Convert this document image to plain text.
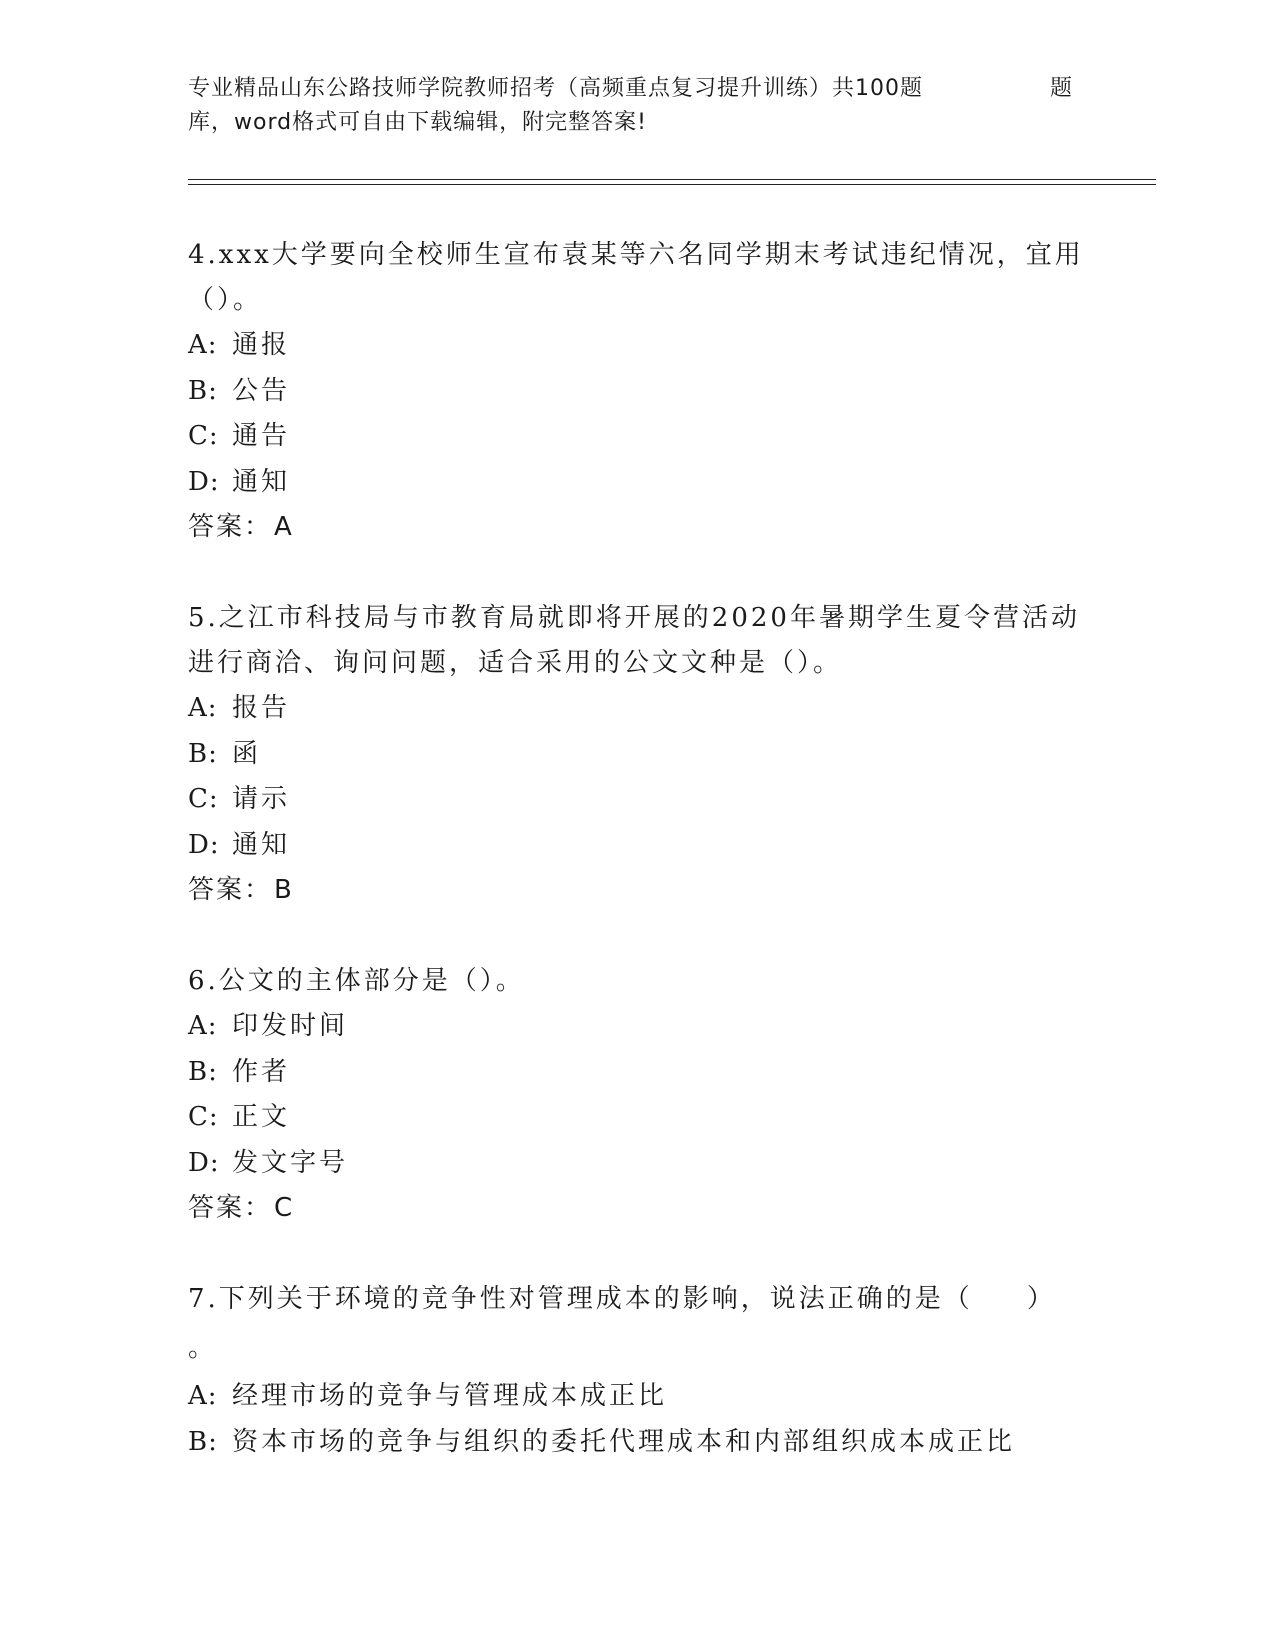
专业精品山东公路技师学院教师招考（高频重点复习提升训练）共100题	题
库，word格式可自由下载编辑，附完整答案!
4.xxx大学要向全校师生宣布袁某等六名同学期末考试违纪情况，宜用
（）。
A: 通报
B: 公告
C: 通告
D: 通知
答案：A
5.之江市科技局与市教育局就即将开展的2020年暑期学生夏令营活动
进行商洽、询问问题，适合采用的公文文种是（）。
A: 报告
B: 函
C: 请示
D: 通知
答案：B
6.公文的主体部分是（）。
A: 印发时间
B: 作者
C: 正文
D: 发文字号
答案：C
7.下列关于环境的竞争性对管理成本的影响，说法正确的是（ ）
。
A: 经理市场的竞争与管理成本成正比
B: 资本市场的竞争与组织的委托代理成本和内部组织成本成正比
